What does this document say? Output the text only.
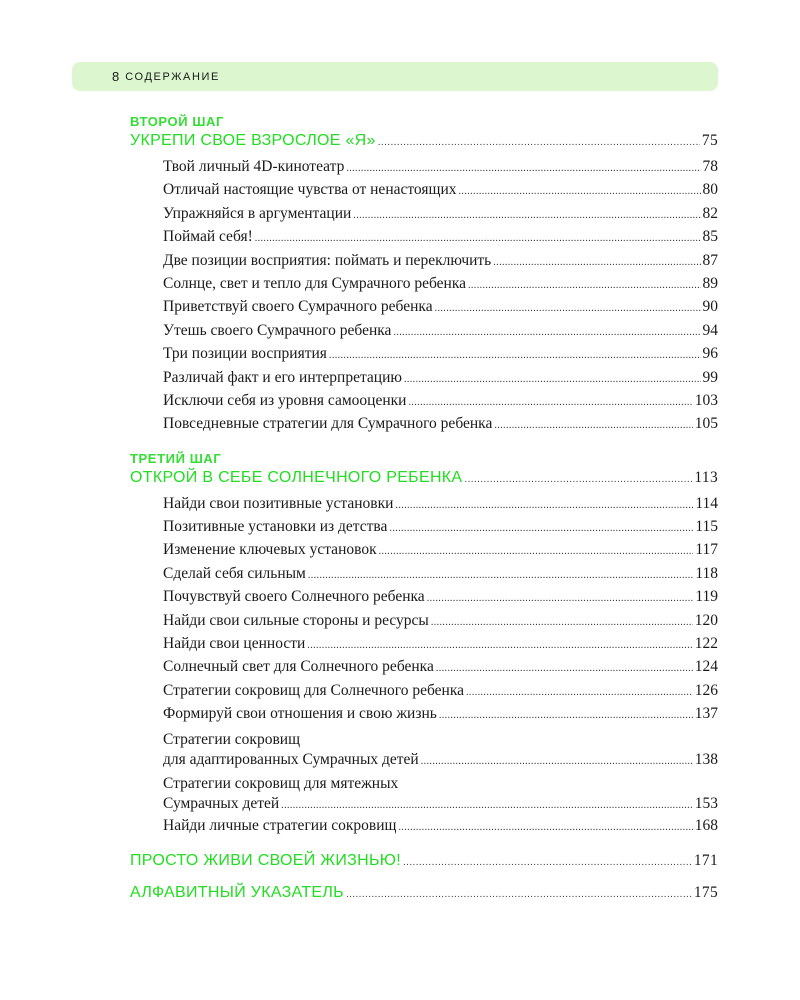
8 СОДЕРЖАНИЕ
ВТОРОЙ ШАГ
УКРЕПИ СВОЕ ВЗРОСЛОЕ «Я» .....	75
Твой личный 4D-кинотеатр .....	78
Отличай настоящие чувства от ненастоящих .....	80
Упражняйся в аргументации .....	82
Поймай себя! .....	85
Две позиции восприятия: поймать и переключить .....	87
Солнце, свет и тепло для Сумрачного ребенка .....	89
Приветствуй своего Сумрачного ребенка .....	90
Утешь своего Сумрачного ребенка .....	94
Три позиции восприятия .....	96
Различай факт и его интерпретацию .....	99
Исключи себя из уровня самооценки .....	103
Повседневные стратегии для Сумрачного ребенка .....	105
ТРЕТИЙ ШАГ
ОТКРОЙ В СЕБЕ СОЛНЕЧНОГО РЕБЕНКА .....	113
Найди свои позитивные установки .....	114
Позитивные установки из детства .....	115
Изменение ключевых установок .....	117
Сделай себя сильным .....	118
Почувствуй своего Солнечного ребенка .....	119
Найди свои сильные стороны и ресурсы .....	120
Найди свои ценности .....	122
Солнечный свет для Солнечного ребенка .....	124
Стратегии сокровищ для Солнечного ребенка .....	126
Формируй свои отношения и свою жизнь .....	137
Стратегии сокровищ
для адаптированных Сумрачных детей .....	138
Стратегии сокровищ для мятежных
Сумрачных детей .....	153
Найди личные стратегии сокровищ .....	168
ПРОСТО ЖИВИ СВОЕЙ ЖИЗНЬЮ! .....	171
АЛФАВИТНЫЙ УКАЗАТЕЛЬ .....	175
